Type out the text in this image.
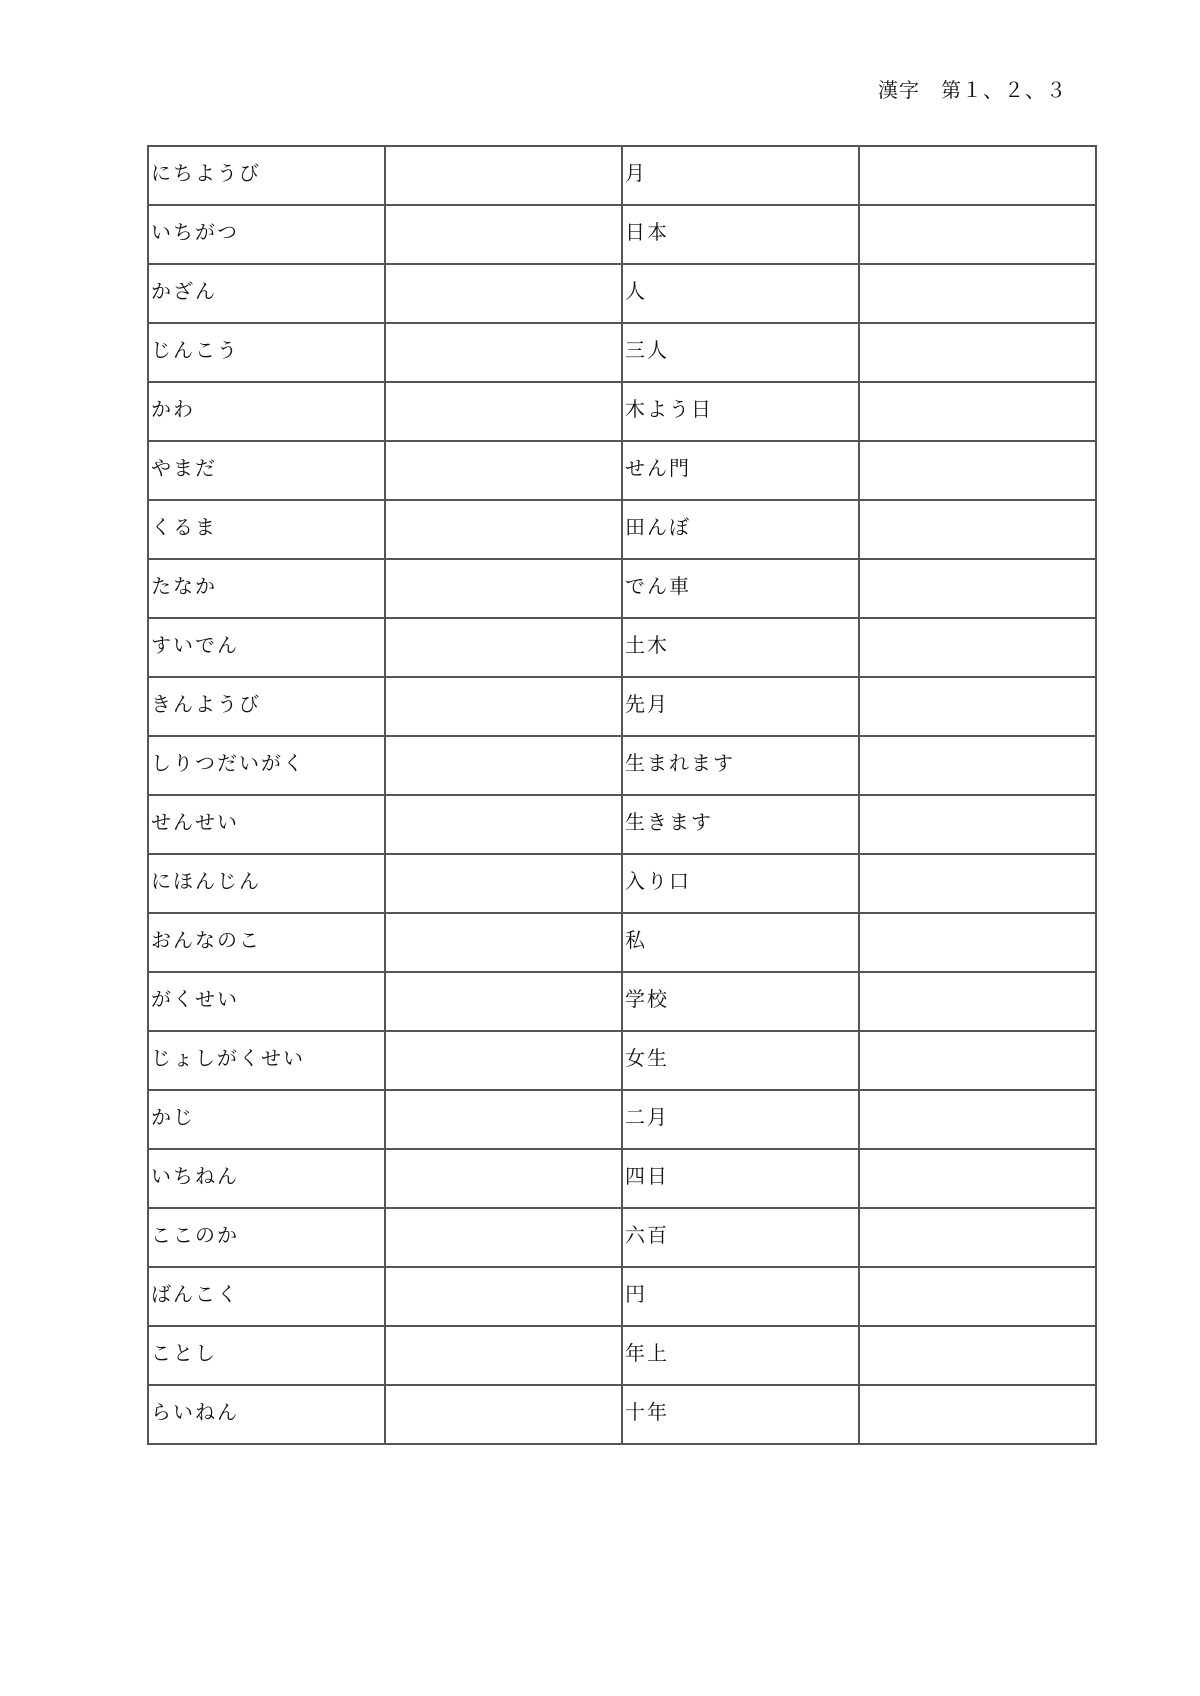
漢字　第１、２、３
にちようび		月	

いちがつ		日本	

かざん		人	

じんこう		三人	

かわ		木よう日	

やまだ		せん門	

くるま		田んぼ	

たなか		でん車	

すいでん		土木	

きんようび		先月	

しりつだいがく		生まれます	

せんせい		生きます	

にほんじん		入り口	

おんなのこ		私	

がくせい		学校	

じょしがくせい		女生	

かじ		二月	

いちねん		四日	

ここのか		六百	

ばんこく		円	

ことし		年上	

らいねん		十年	
